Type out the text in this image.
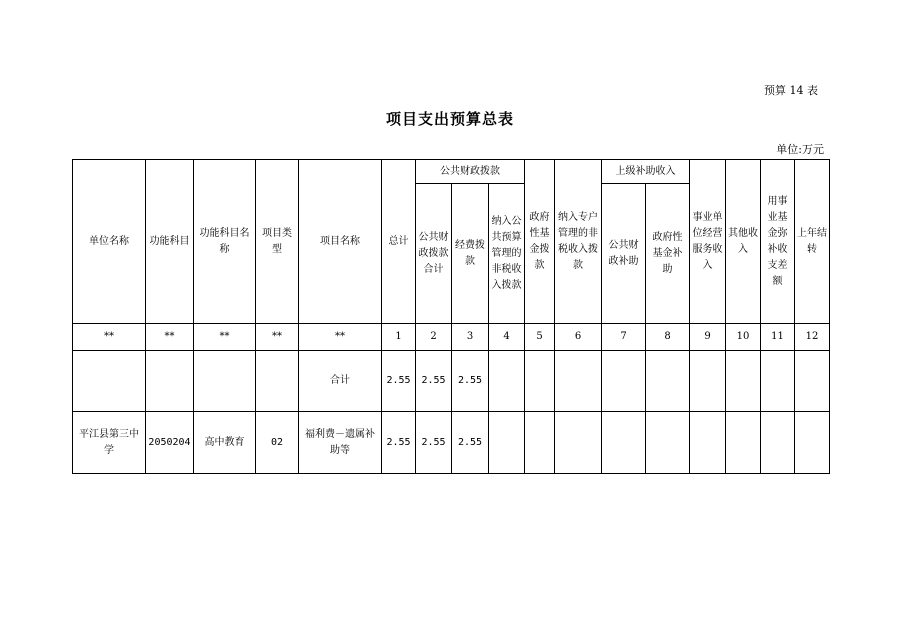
预算 14 表
项目支出预算总表
单位:万元
单位名称	功能科目	功能科目名称	项目类型	项目名称	总计	公共财政拨款			政府性基金拨款	纳入专户管理的非税收入拨款	上级补助收入		事业单位经营服务收入	其他收入	用事业基金弥补收支差额	上年结转
						公共财政拨款合计	经费拨款	纳入公共预算管理的非税收入拨款			公共财政补助	政府性基金补助				
**	**	**	**	**	1	2	3	4	5	6	7	8	9	10	11	12
				合计	2.55	2.55	2.55									
平江县第三中学	2050204	高中教育	02	福利费－遗属补助等	2.55	2.55	2.55									
